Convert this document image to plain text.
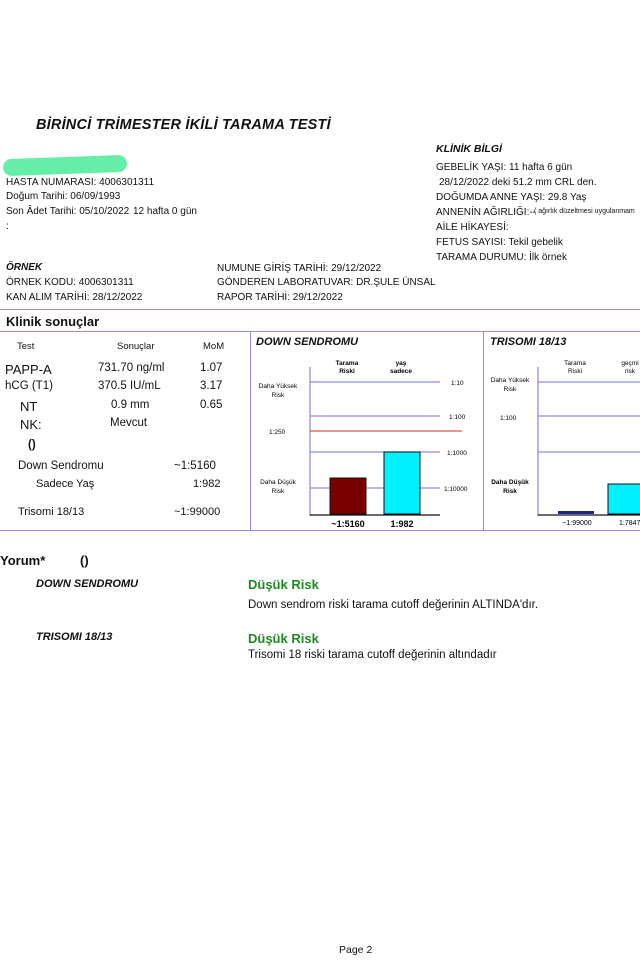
BİRİNCİ TRİMESTER İKİLİ TARAMA TESTİ
HASTA NUMARASI: 4006301311
Doğum Tarihi: 06/09/1993
Son Âdet Tarihi: 05/10/2022 12 hafta 0 gün
:
KLİNİK BİLGİ
GEBELİK YAŞI: 11 hafta 6 gün
28/12/2022 deki 51.2 mm CRL den.
DOĞUMDA ANNE YAŞI: 29.8 Yaş
ANNENİN AĞIRLIĞI:--
( ağırlık düzeltmesi uygulanmam
AİLE HİKAYESİ:
FETUS SAYISI: Tekil gebelik
TARAMA DURUMU: İlk örnek
ÖRNEK
ÖRNEK KODU: 4006301311
KAN ALIM TARİHİ: 28/12/2022
NUMUNE GİRİŞ TARİHİ: 29/12/2022
GÖNDEREN LABORATUVAR: DR.ŞULE ÜNSAL
RAPOR TARİHİ: 29/12/2022
Klinik sonuçlar
Test	Sonuçlar	MoM
PAPP-A	731.70 ng/ml	1.07
hCG (T1)	370.5 IU/mL	3.17
NT	0.9 mm	0.65
NK:	Mevcut
()
Down Sendromu	~1:5160
Sadece Yaş	1:982
Trisomi 18/13	~1:99000
DOWN SENDROMU
Tarama
Riski
yaş
sadece
Daha Yüksek
Risk
Daha Düşük
Risk
1:10
1:100
1:250
1:1000
1:10000
~1:5160	1:982
TRISOMI 18/13
Tarama
Riski
geçmi
risk
Daha Yüksek
Risk
Daha Düşük
Risk
1:100
~1:99000	1:7847
Yorum*	()
DOWN SENDROMU	Düşük Risk
Down sendrom riski tarama cutoff değerinin ALTINDA'dır.
TRISOMI 18/13	Düşük Risk
Trisomi 18 riski tarama cutoff değerinin altındadır
Page 2
